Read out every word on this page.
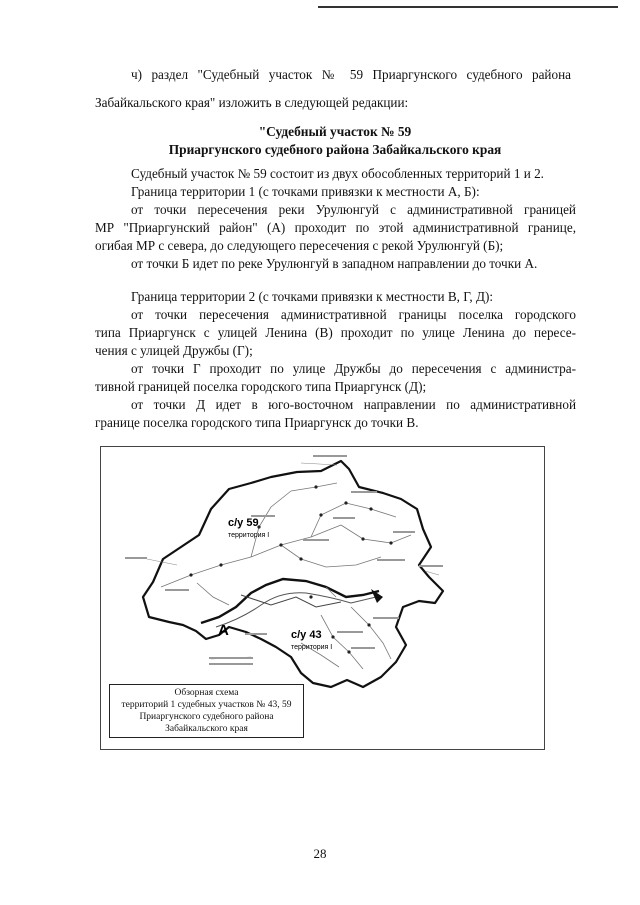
ч) раздел "Судебный участок № 59 Приаргунского судебного района

Забайкальского края" изложить в следующей редакции:

"Судебный участок № 59
Приаргунского судебного района Забайкальского края
Судебный участок № 59 состоит из двух обособленных территорий 1 и 2.
Граница территории 1 (с точками привязки к местности А, Б):
от точки пересечения реки Урулюнгуй с административной границей
МР "Приаргунский район" (А) проходит по этой административной границе,
огибая МР с севера, до следующего пересечения с рекой Урулюнгуй (Б);
от точки Б идет по реке Урулюнгуй в западном направлении до точки А.
Граница территории 2 (с точками привязки к местности В, Г, Д):
от точки пересечения административной границы поселка городского
типа Приаргунск с улицей Ленина (В) проходит по улице Ленина до пересе-
чения с улицей Дружбы (Г);
от точки Г проходит по улице Дружбы до пересечения с администра-
тивной границей поселка городского типа Приаргунск (Д);
от точки Д идет в юго-восточном направлении по административной
границе поселка городского типа Приаргунск до точки В.
с/у 59
территория I
с/у 43
территория I
А
Обзорная схема
территорий 1 судебных участков № 43, 59
Приаргунского судебного района
Забайкальского края
28
